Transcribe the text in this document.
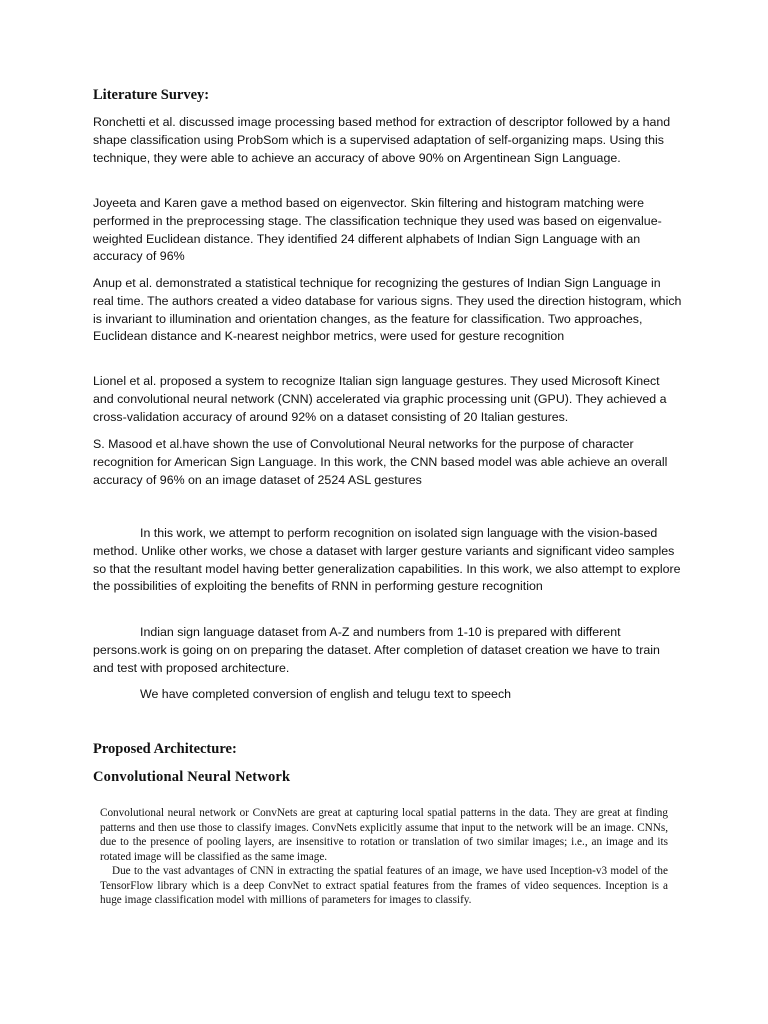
Literature Survey:

Ronchetti et al. discussed image processing based method for extraction of descriptor followed by a hand shape classification using ProbSom which is a supervised adaptation of self-organizing maps. Using this technique, they were able to achieve an accuracy of above 90% on Argentinean Sign Language.

Joyeeta and Karen gave a method based on eigenvector. Skin filtering and histogram matching were performed in the preprocessing stage. The classification technique they used was based on eigenvalue-weighted Euclidean distance. They identified 24 different alphabets of Indian Sign Language with an accuracy of 96%

Anup et al. demonstrated a statistical technique for recognizing the gestures of Indian Sign Language in real time. The authors created a video database for various signs. They used the direction histogram, which is invariant to illumination and orientation changes, as the feature for classification. Two approaches, Euclidean distance and K-nearest neighbor metrics, were used for gesture recognition

Lionel et al. proposed a system to recognize Italian sign language gestures. They used Microsoft Kinect and convolutional neural network (CNN) accelerated via graphic processing unit (GPU). They achieved a cross-validation accuracy of around 92% on a dataset consisting of 20 Italian gestures.

S. Masood et al.have shown the use of Convolutional Neural networks for the purpose of character recognition for American Sign Language. In this work, the CNN based model was able achieve an overall accuracy of 96% on an image dataset of 2524 ASL gestures

In this work, we attempt to perform recognition on isolated sign language with the vision-based method. Unlike other works, we chose a dataset with larger gesture variants and significant video samples so that the resultant model having better generalization capabilities. In this work, we also attempt to explore the possibilities of exploiting the benefits of RNN in performing gesture recognition

Indian sign language dataset from A-Z and numbers from 1-10 is prepared with different persons.work is going on on preparing the dataset. After completion of dataset creation we have to train and test with proposed architecture.

We have completed conversion of english and telugu text to speech

Proposed Architecture:
Convolutional Neural Network

Convolutional neural network or ConvNets are great at capturing local spatial patterns in the data. They are great at finding patterns and then use those to classify images. ConvNets explicitly assume that input to the network will be an image. CNNs, due to the presence of pooling layers, are insensitive to rotation or translation of two similar images; i.e., an image and its rotated image will be classified as the same image.

Due to the vast advantages of CNN in extracting the spatial features of an image, we have used Inception-v3 model of the TensorFlow library which is a deep ConvNet to extract spatial features from the frames of video sequences. Inception is a huge image classification model with millions of parameters for images to classify.
